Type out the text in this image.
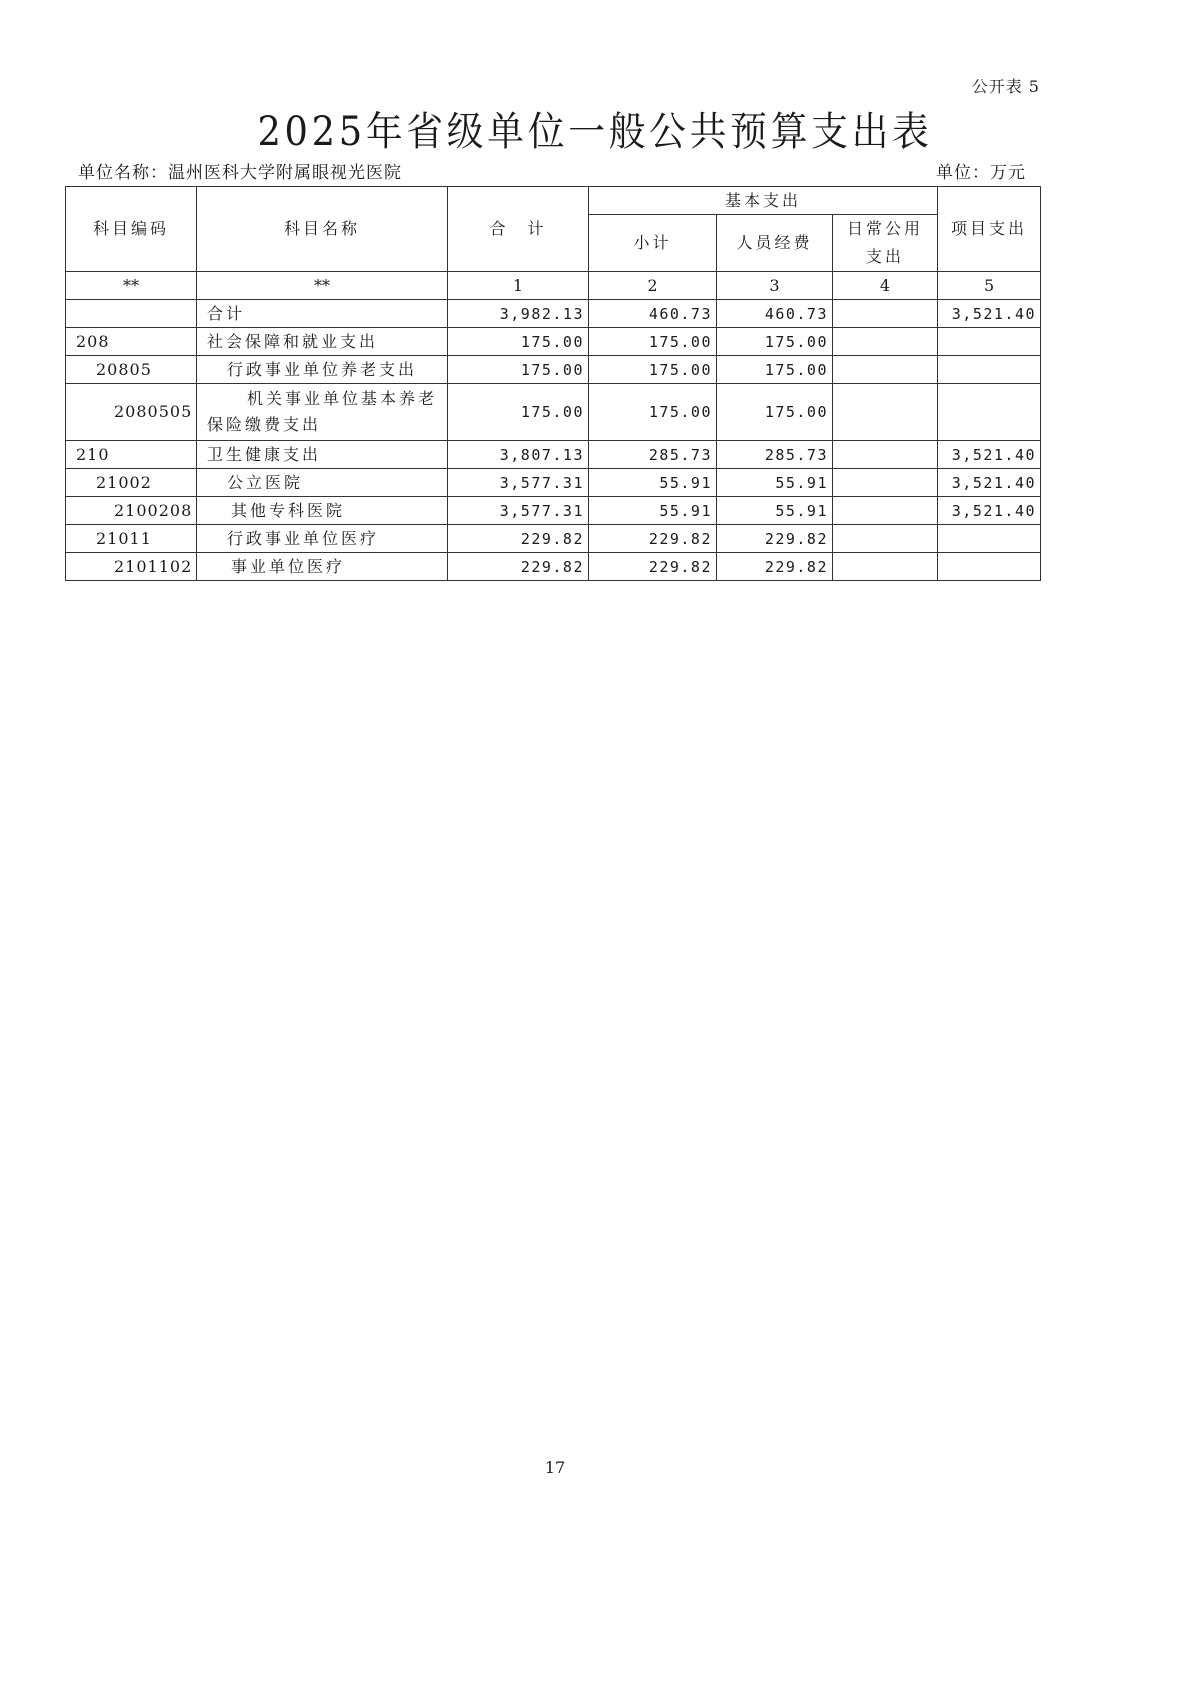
公开表 5
2025年省级单位一般公共预算支出表
单位名称：温州医科大学附属眼视光医院	单位：万元
科目编码	科目名称	合　计	基本支出			项目支出
			小计	人员经费	日常公用
支出	

**	**	1	2	3	4	5
	合计	3,982.13	460.73	460.73		3,521.40
208	社会保障和就业支出	175.00	175.00	175.00		
20805	行政事业单位养老支出	175.00	175.00	175.00		
2080505	机关事业单位基本养老
保险缴费支出	175.00	175.00	175.00		
210	卫生健康支出	3,807.13	285.73	285.73		3,521.40
21002	公立医院	3,577.31	55.91	55.91		3,521.40
2100208	其他专科医院	3,577.31	55.91	55.91		3,521.40
21011	行政事业单位医疗	229.82	229.82	229.82		
2101102	事业单位医疗	229.82	229.82	229.82		
17
